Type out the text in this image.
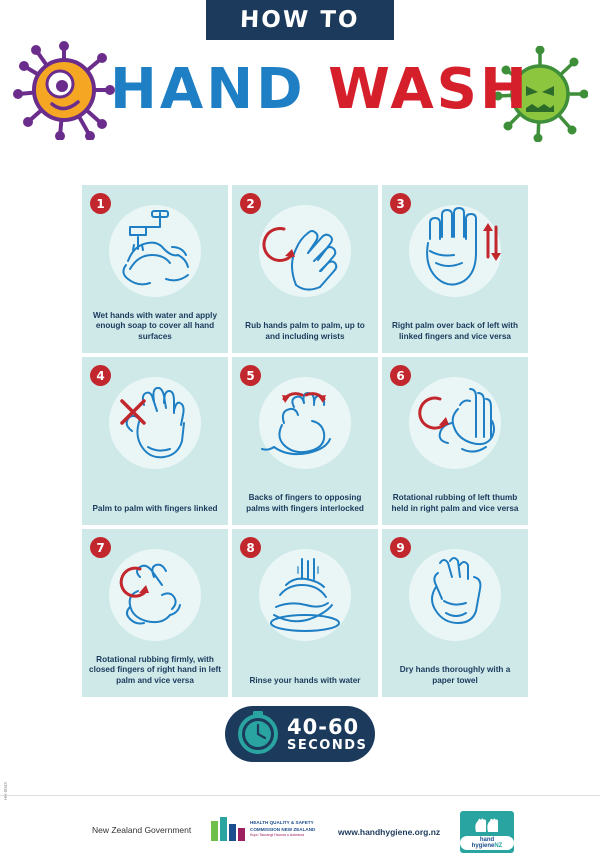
HOW TO
HAND WASH
1
Wet hands with water and apply enough soap to cover all hand surfaces
2
Rub hands palm to palm, up to and including wrists
3
Right palm over back of left with linked fingers and vice versa
4
Palm to palm with fingers linked
5
Backs of fingers to opposing palms with fingers interlocked
6
Rotational rubbing of left thumb held in right palm and vice versa
7
Rotational rubbing firmly, with closed fingers of right hand in left palm and vice versa
8
Rinse your hands with water
9
Dry hands thoroughly with a paper towel
40-60
SECONDS
New Zealand Government
HEALTH QUALITY & SAFETY
COMMISSION NEW ZEALAND
Kupu Taurangi Hauora o Aotearoa	www.handhygiene.org.nz
hand hygieneNZ
HH 0043
